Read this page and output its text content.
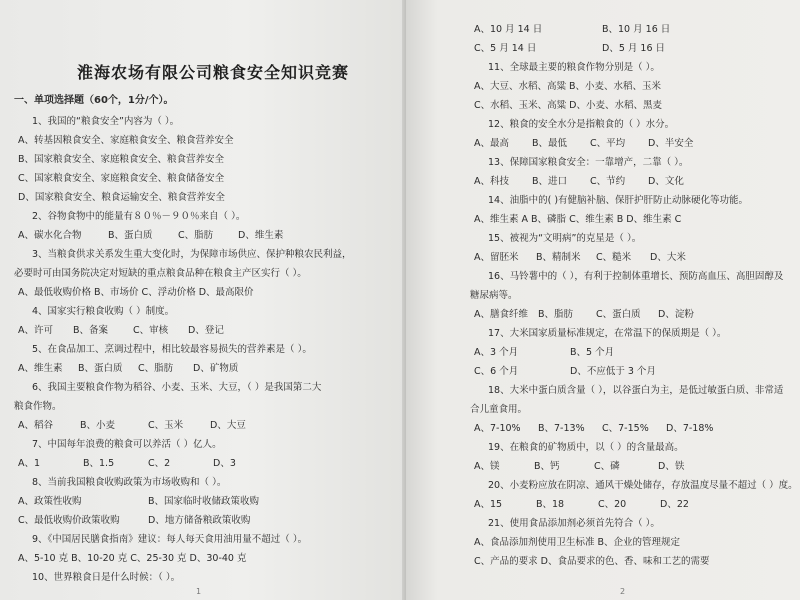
淮海农场有限公司粮食安全知识竞赛
一、单项选择题（60个，1分/个）。
1、我国的“粮食安全”内容为（ ）。
A、转基因粮食安全、家庭粮食安全、粮食营养安全
B、国家粮食安全、家庭粮食安全、粮食营养安全
C、国家粮食安全、家庭粮食安全、粮食储备安全
D、国家粮食安全、粮食运输安全、粮食营养安全
2、谷物食物中的能量有８０％－９０％来自（ ）。
A、碳水化合物	B、蛋白质	C、脂肪	D、维生素
3、当粮食供求关系发生重大变化时，为保障市场供应、保护种粮农民利益，
必要时可由国务院决定对短缺的重点粮食品种在粮食主产区实行（ ）。
A、最低收购价格 B、市场价 C、浮动价格 D、最高限价
4、国家实行粮食收购（ ）制度。
A、许可	B、备案	C、审核	D、登记
5、在食品加工、烹调过程中，相比较最容易损失的营养素是（ ）。
A、维生素	B、蛋白质	C、脂肪	D、矿物质
6、我国主要粮食作物为稻谷、小麦、玉米、大豆，（ ）是我国第二大
粮食作物。
A、稻谷	B、小麦	C、玉米	D、大豆
7、中国每年浪费的粮食可以养活（ ）亿人。
A、1	B、1.5	C、2	D、3
8、当前我国粮食收购政策为市场收购和（ ）。
A、政策性收购	B、国家临时收储政策收购
C、最低收购价政策收购	D、地方储备粮政策收购
9、《中国居民膳食指南》建议：每人每天食用油用量不超过（ ）。
A、5-10 克 B、10-20 克 C、25-30 克 D、30-40 克
10、世界粮食日是什么时候：（ ）。
1
A、10 月 14 日	B、10 月 16 日
C、5 月 14 日	D、5 月 16 日
11、全球最主要的粮食作物分别是（ ）。
A、大豆、水稻、高粱 B、小麦、水稻、玉米
C、水稻、玉米、高粱 D、小麦、水稻、黑麦
12、粮食的安全水分是指粮食的（ ）水分。
A、最高	B、最低	C、平均	D、半安全
13、保障国家粮食安全：一靠增产，二靠（ ）。
A、科技	B、进口	C、节约	D、文化
14、油脂中的( )有健脑补脑、保肝护肝防止动脉硬化等功能。
A、维生素 A B、磷脂 C、维生素 B D、维生素 C
15、被视为“文明病”的克星是（ ）。
A、留胚米	B、精制米	C、糙米	D、大米
16、马铃薯中的（ ），有利于控制体重增长、预防高血压、高胆固醇及
糖尿病等。
A、膳食纤维	B、脂肪	C、蛋白质	D、淀粉
17、大米国家质量标准规定，在常温下的保质期是（ ）。
A、3 个月	B、5 个月
C、6 个月	D、不应低于 3 个月
18、大米中蛋白质含量（ ），以谷蛋白为主，是低过敏蛋白质、非常适
合儿童食用。
A、7-10%	B、7-13%	C、7-15%	D、7-18%
19、在粮食的矿物质中，以（ ）的含量最高。
A、镁	B、钙	C、磷	D、铁
20、小麦粉应放在阴凉、通风干燥处储存，存放温度尽量不超过（ ）度。
A、15	B、18	C、20	D、22
21、使用食品添加剂必须首先符合（ ）。
A、食品添加剂使用卫生标准 B、企业的管理规定
C、产品的要求 D、食品要求的色、香、味和工艺的需要
2
